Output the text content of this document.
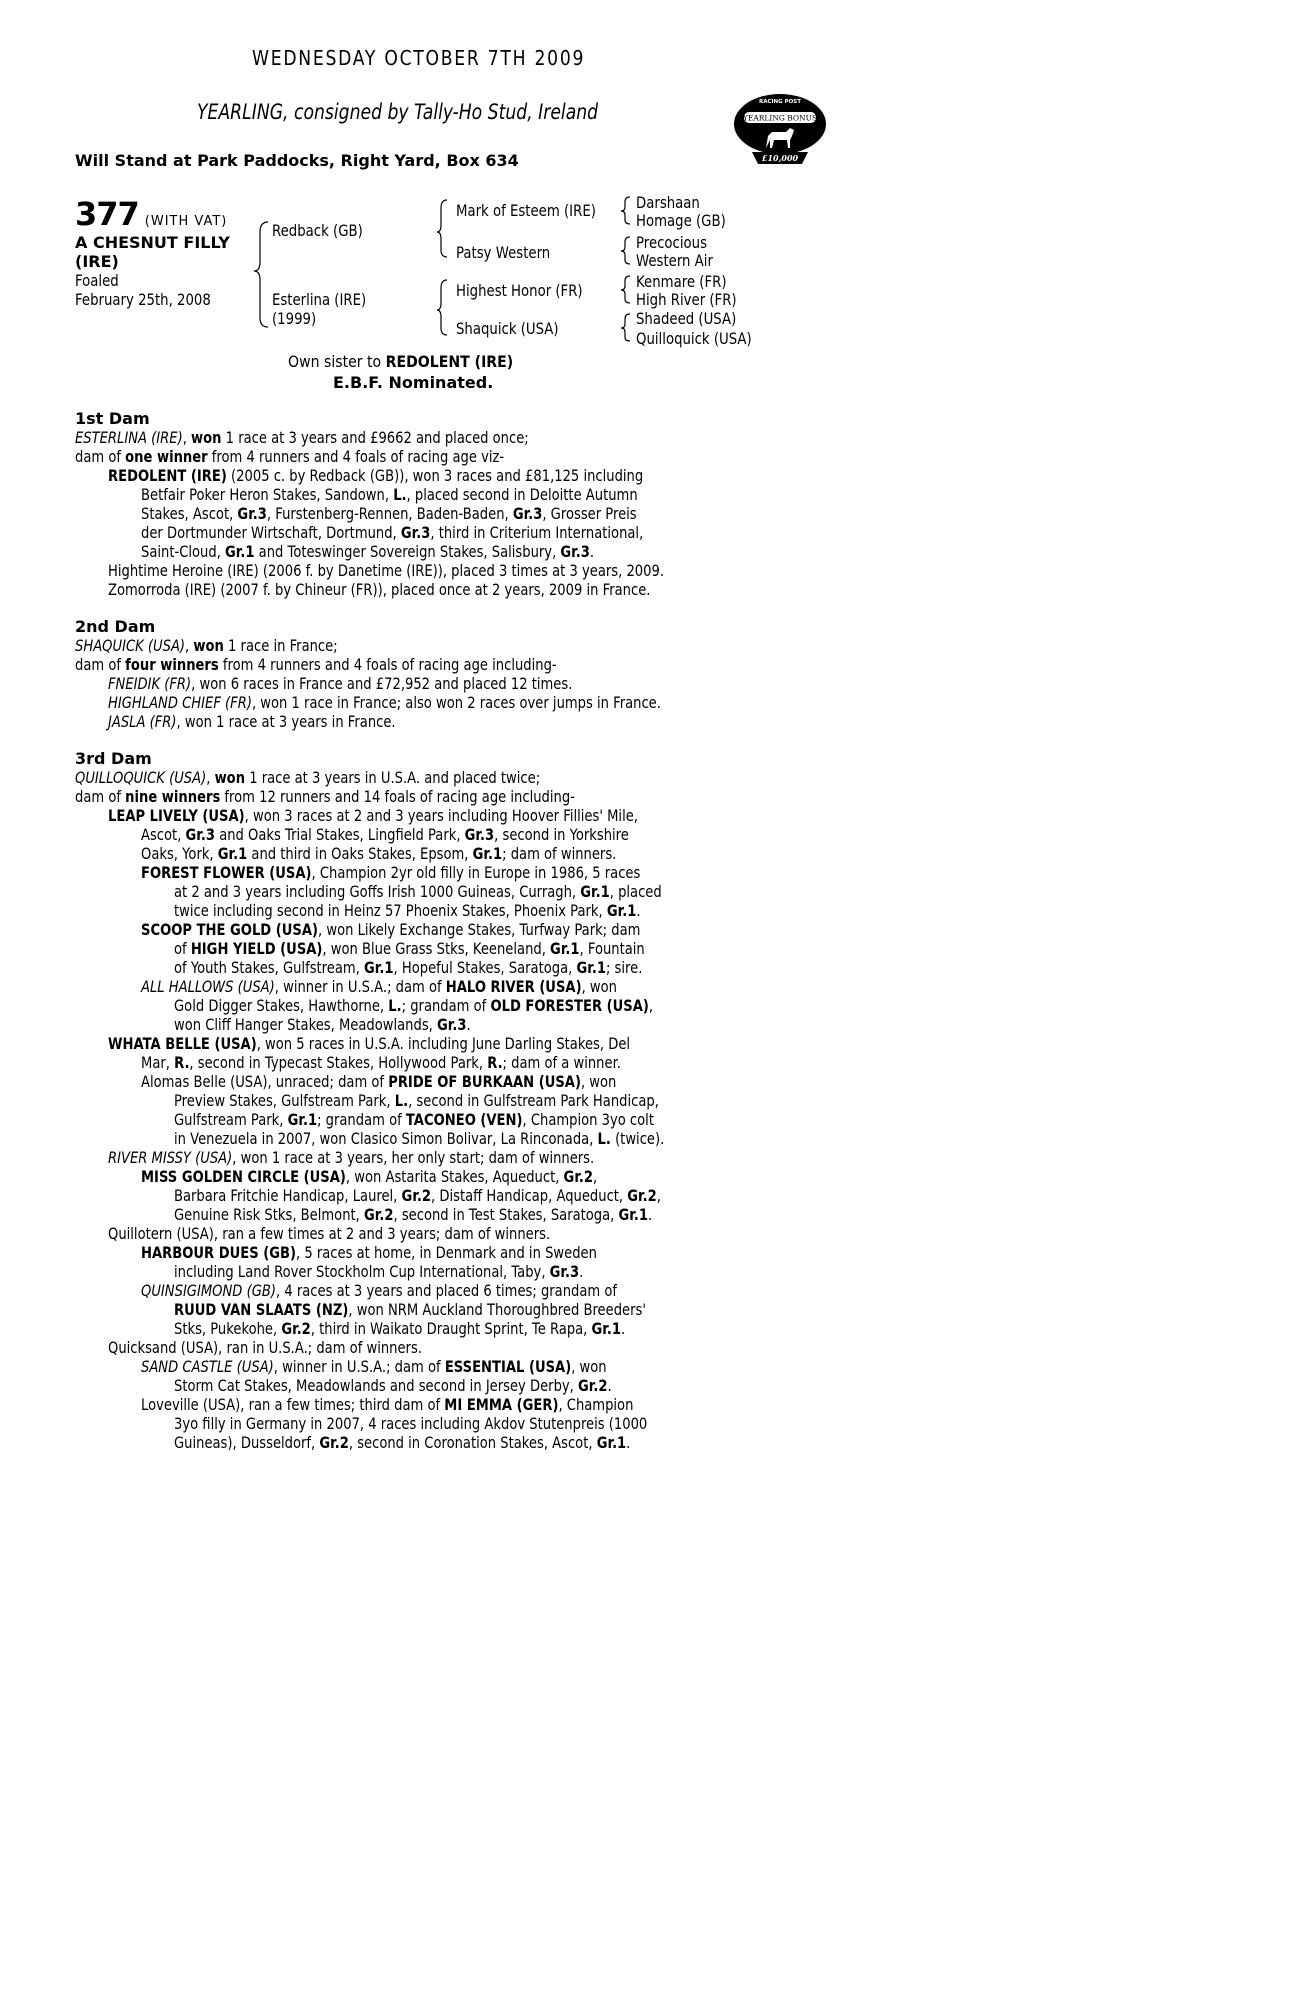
WEDNESDAY OCTOBER 7TH 2009
YEARLING, consigned by Tally-Ho Stud, Ireland
Will Stand at Park Paddocks, Right Yard, Box 634
RACING POST
YEARLING BONUS
£10,000
377 (WITH VAT)
A CHESNUT FILLY
(IRE)
Foaled
February 25th, 2008
Redback (GB)
Esterlina (IRE)
(1999)
Mark of Esteem (IRE)
Patsy Western
Highest Honor (FR)
Shaquick (USA)
Darshaan
Homage (GB)
Precocious
Western Air
Kenmare (FR)
High River (FR)
Shadeed (USA)
Quilloquick (USA)
Own sister to REDOLENT (IRE)
E.B.F. Nominated.
1st Dam
ESTERLINA (IRE), won 1 race at 3 years and £9662 and placed once;
dam of one winner from 4 runners and 4 foals of racing age viz-
REDOLENT (IRE) (2005 c. by Redback (GB)), won 3 races and £81,125 including
Betfair Poker Heron Stakes, Sandown, L., placed second in Deloitte Autumn
Stakes, Ascot, Gr.3, Furstenberg-Rennen, Baden-Baden, Gr.3, Grosser Preis
der Dortmunder Wirtschaft, Dortmund, Gr.3, third in Criterium International,
Saint-Cloud, Gr.1 and Toteswinger Sovereign Stakes, Salisbury, Gr.3.
Hightime Heroine (IRE) (2006 f. by Danetime (IRE)), placed 3 times at 3 years, 2009.
Zomorroda (IRE) (2007 f. by Chineur (FR)), placed once at 2 years, 2009 in France.
2nd Dam
SHAQUICK (USA), won 1 race in France;
dam of four winners from 4 runners and 4 foals of racing age including-
FNEIDIK (FR), won 6 races in France and £72,952 and placed 12 times.
HIGHLAND CHIEF (FR), won 1 race in France; also won 2 races over jumps in France.
JASLA (FR), won 1 race at 3 years in France.
3rd Dam
QUILLOQUICK (USA), won 1 race at 3 years in U.S.A. and placed twice;
dam of nine winners from 12 runners and 14 foals of racing age including-
LEAP LIVELY (USA), won 3 races at 2 and 3 years including Hoover Fillies' Mile,
Ascot, Gr.3 and Oaks Trial Stakes, Lingfield Park, Gr.3, second in Yorkshire
Oaks, York, Gr.1 and third in Oaks Stakes, Epsom, Gr.1; dam of winners.
FOREST FLOWER (USA), Champion 2yr old filly in Europe in 1986, 5 races
at 2 and 3 years including Goffs Irish 1000 Guineas, Curragh, Gr.1, placed
twice including second in Heinz 57 Phoenix Stakes, Phoenix Park, Gr.1.
SCOOP THE GOLD (USA), won Likely Exchange Stakes, Turfway Park; dam
of HIGH YIELD (USA), won Blue Grass Stks, Keeneland, Gr.1, Fountain
of Youth Stakes, Gulfstream, Gr.1, Hopeful Stakes, Saratoga, Gr.1; sire.
ALL HALLOWS (USA), winner in U.S.A.; dam of HALO RIVER (USA), won
Gold Digger Stakes, Hawthorne, L.; grandam of OLD FORESTER (USA),
won Cliff Hanger Stakes, Meadowlands, Gr.3.
WHATA BELLE (USA), won 5 races in U.S.A. including June Darling Stakes, Del
Mar, R., second in Typecast Stakes, Hollywood Park, R.; dam of a winner.
Alomas Belle (USA), unraced; dam of PRIDE OF BURKAAN (USA), won
Preview Stakes, Gulfstream Park, L., second in Gulfstream Park Handicap,
Gulfstream Park, Gr.1; grandam of TACONEO (VEN), Champion 3yo colt
in Venezuela in 2007, won Clasico Simon Bolivar, La Rinconada, L. (twice).
RIVER MISSY (USA), won 1 race at 3 years, her only start; dam of winners.
MISS GOLDEN CIRCLE (USA), won Astarita Stakes, Aqueduct, Gr.2,
Barbara Fritchie Handicap, Laurel, Gr.2, Distaff Handicap, Aqueduct, Gr.2,
Genuine Risk Stks, Belmont, Gr.2, second in Test Stakes, Saratoga, Gr.1.
Quillotern (USA), ran a few times at 2 and 3 years; dam of winners.
HARBOUR DUES (GB), 5 races at home, in Denmark and in Sweden
including Land Rover Stockholm Cup International, Taby, Gr.3.
QUINSIGIMOND (GB), 4 races at 3 years and placed 6 times; grandam of
RUUD VAN SLAATS (NZ), won NRM Auckland Thoroughbred Breeders'
Stks, Pukekohe, Gr.2, third in Waikato Draught Sprint, Te Rapa, Gr.1.
Quicksand (USA), ran in U.S.A.; dam of winners.
SAND CASTLE (USA), winner in U.S.A.; dam of ESSENTIAL (USA), won
Storm Cat Stakes, Meadowlands and second in Jersey Derby, Gr.2.
Loveville (USA), ran a few times; third dam of MI EMMA (GER), Champion
3yo filly in Germany in 2007, 4 races including Akdov Stutenpreis (1000
Guineas), Dusseldorf, Gr.2, second in Coronation Stakes, Ascot, Gr.1.
